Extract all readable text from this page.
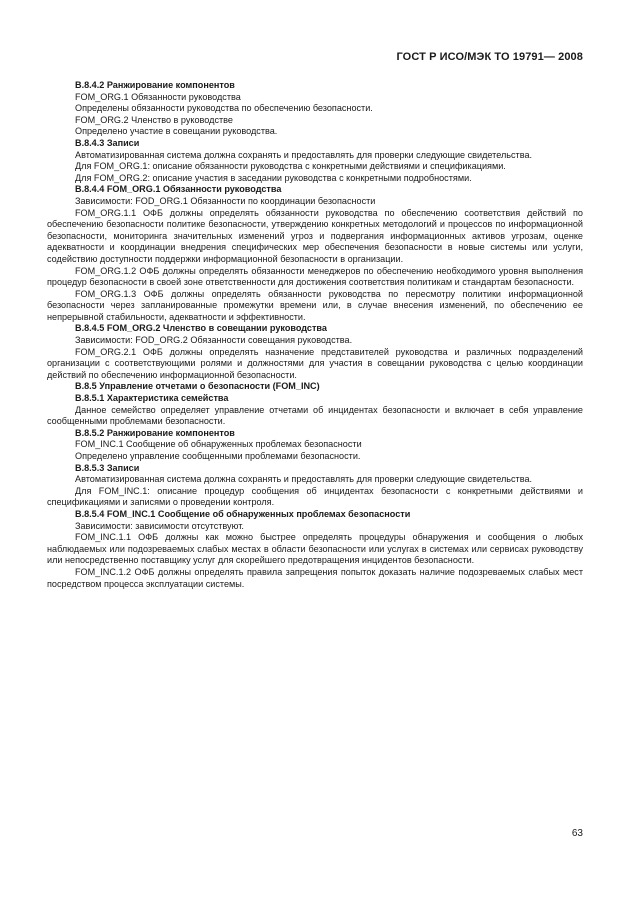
ГОСТ Р ИСО/МЭК ТО 19791— 2008

B.8.4.2 Ранжирование компонентов

FOM_ORG.1 Обязанности руководства

Определены обязанности руководства по обеспечению безопасности.

FOM_ORG.2 Членство в руководстве

Определено участие в совещании руководства.

B.8.4.3 Записи

Автоматизированная система должна сохранять и предоставлять для проверки следующие свидетельства.

Для FOM_ORG.1: описание обязанности руководства с конкретными действиями и спецификациями.

Для FOM_ORG.2: описание участия в заседании руководства с конкретными подробностями.

B.8.4.4 FOM_ORG.1 Обязанности руководства

Зависимости: FOD_ORG.1 Обязанности по координации безопасности

FOM_ORG.1.1 ОФБ должны определять обязанности руководства по обеспечению соответствия действий по обеспечению безопасности политике безопасности, утверждению конкретных методологий и процессов по информационной безопасности, мониторинга значительных изменений угроз и подвергания информационных активов угрозам, оценке адекватности и координации внедрения специфических мер обеспечения безопасности в новые системы или услуги, содействию доступности поддержки информационной безопасности в организации.

FOM_ORG.1.2 ОФБ должны определять обязанности менеджеров по обеспечению необходимого уровня выполнения процедур безопасности в своей зоне ответственности для достижения соответствия политикам и стандартам безопасности.

FOM_ORG.1.3 ОФБ должны определять обязанности руководства по пересмотру политики информационной безопасности через запланированные промежутки времени или, в случае внесения изменений, по обеспечению ее непрерывной стабильности, адекватности и эффективности.

B.8.4.5 FOM_ORG.2 Членство в совещании руководства

Зависимости: FOD_ORG.2 Обязанности совещания руководства.

FOM_ORG.2.1 ОФБ должны определять назначение представителей руководства и различных подразделений организации с соответствующими ролями и должностями для участия в совещании руководства с целью координации действий по обеспечению информационной безопасности.

B.8.5 Управление отчетами о безопасности (FOM_INC)

B.8.5.1 Характеристика семейства

Данное семейство определяет управление отчетами об инцидентах безопасности и включает в себя управление сообщенными проблемами безопасности.

B.8.5.2 Ранжирование компонентов

FOM_INC.1 Сообщение об обнаруженных проблемах безопасности

Определено управление сообщенными проблемами безопасности.

B.8.5.3 Записи

Автоматизированная система должна сохранять и предоставлять для проверки следующие свидетельства.

Для FOM_INC.1: описание процедур сообщения об инцидентах безопасности с конкретными действиями и спецификациями и записями о проведении контроля.

B.8.5.4 FOM_INC.1 Сообщение об обнаруженных проблемах безопасности

Зависимости: зависимости отсутствуют.

FOM_INC.1.1 ОФБ должны как можно быстрее определять процедуры обнаружения и сообщения о любых наблюдаемых или подозреваемых слабых местах в области безопасности или услугах в системах или сервисах руководству или непосредственно поставщику услуг для скорейшего предотвращения инцидентов безопасности.

FOM_INC.1.2 ОФБ должны определять правила запрещения попыток доказать наличие подозреваемых слабых мест посредством процесса эксплуатации системы.

63
